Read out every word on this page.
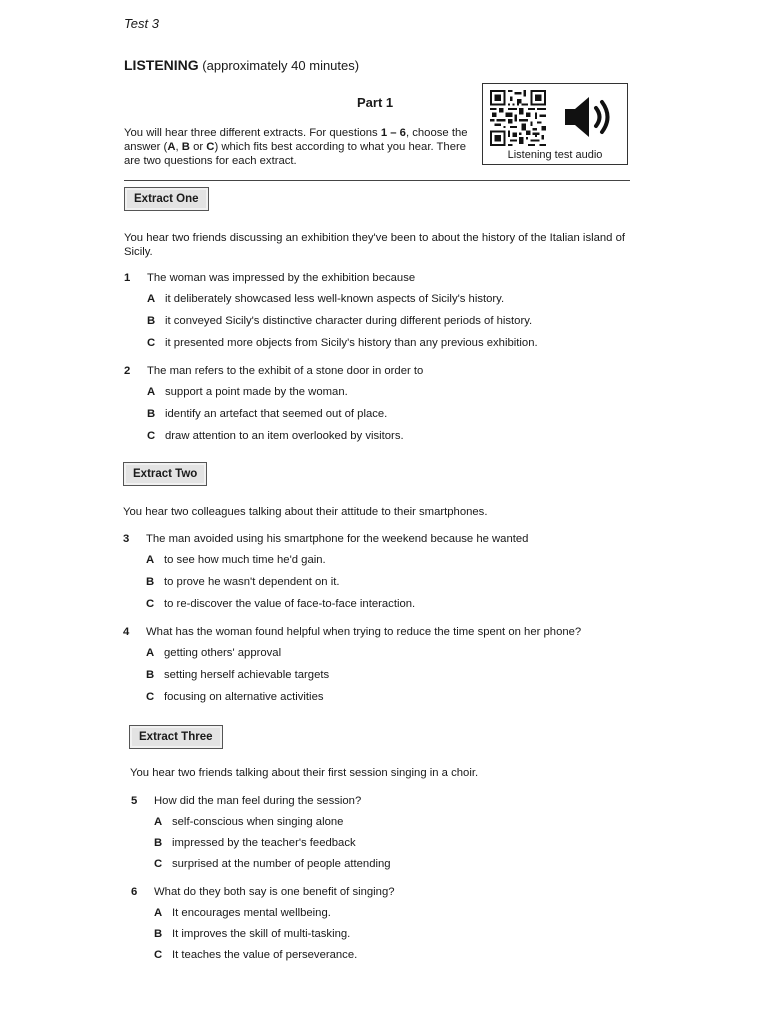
Test 3
LISTENING (approximately 40 minutes)
Part 1
You will hear three different extracts. For questions 1 – 6, choose the answer (A, B or C) which fits best according to what you hear. There are two questions for each extract.	Listening test audio
Extract One
You hear two friends discussing an exhibition they've been to about the history of the Italian island of Sicily.
1 The woman was impressed by the exhibition because
A it deliberately showcased less well-known aspects of Sicily's history.
B it conveyed Sicily's distinctive character during different periods of history.
C it presented more objects from Sicily's history than any previous exhibition.
2 The man refers to the exhibit of a stone door in order to
A support a point made by the woman.
B identify an artefact that seemed out of place.
C draw attention to an item overlooked by visitors.
Extract Two
You hear two colleagues talking about their attitude to their smartphones.
3 The man avoided using his smartphone for the weekend because he wanted
A to see how much time he'd gain.
B to prove he wasn't dependent on it.
C to re-discover the value of face-to-face interaction.
4 What has the woman found helpful when trying to reduce the time spent on her phone?
A getting others' approval
B setting herself achievable targets
C focusing on alternative activities
Extract Three
You hear two friends talking about their first session singing in a choir.
5 How did the man feel during the session?
A self-conscious when singing alone
B impressed by the teacher's feedback
C surprised at the number of people attending
6 What do they both say is one benefit of singing?
A It encourages mental wellbeing.
B It improves the skill of multi-tasking.
C It teaches the value of perseverance.
